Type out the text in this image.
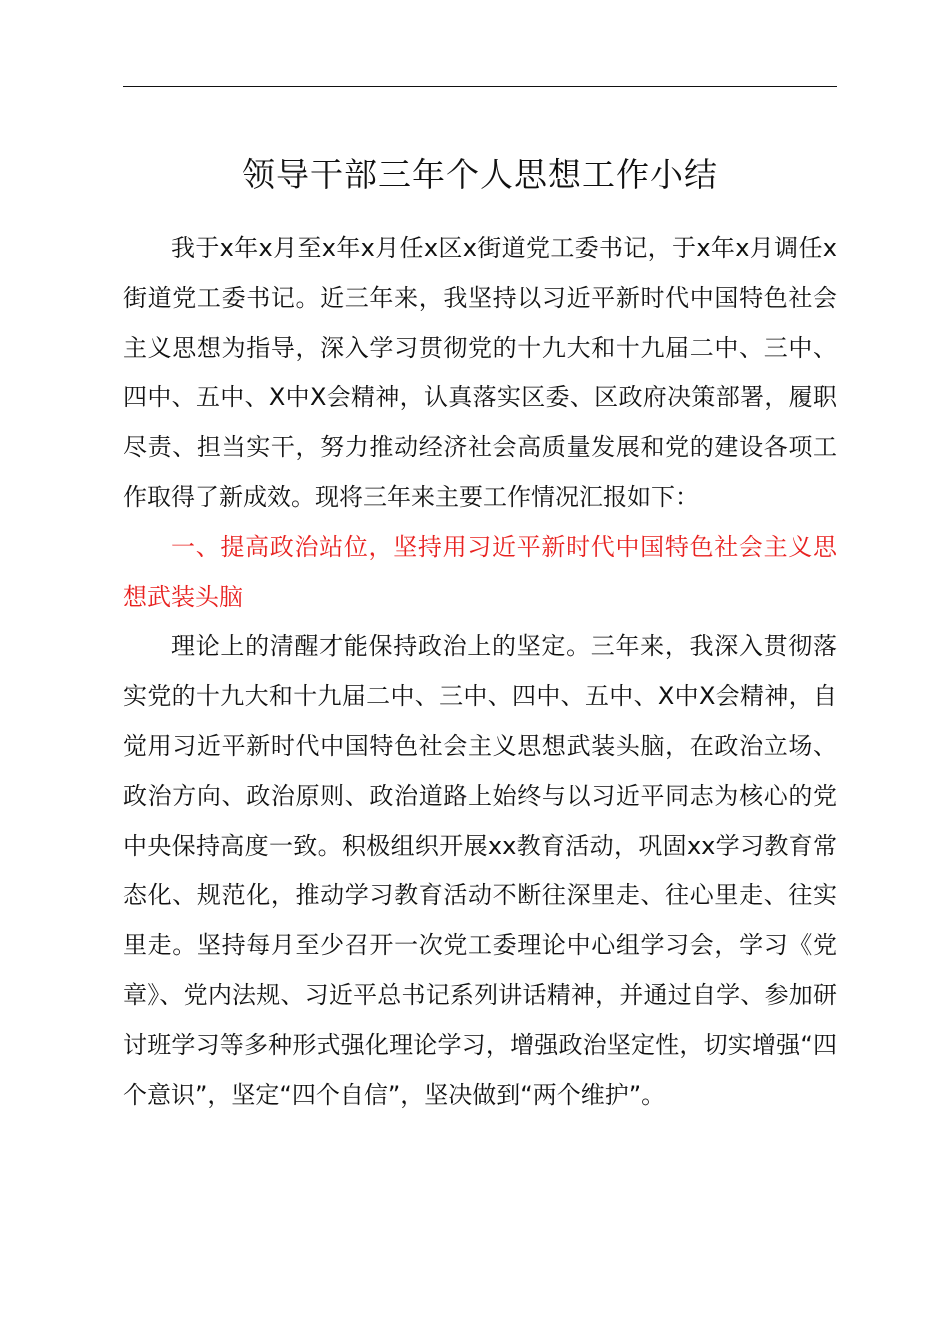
领导干部三年个人思想工作小结

我于x年x月至x年x月任x区x街道党工委书记，于x年x月调任x街道党工委书记。近三年来，我坚持以习近平新时代中国特色社会主义思想为指导，深入学习贯彻党的十九大和十九届二中、三中、四中、五中、X中X会精神，认真落实区委、区政府决策部署，履职尽责、担当实干，努力推动经济社会高质量发展和党的建设各项工作取得了新成效。现将三年来主要工作情况汇报如下：

一、提高政治站位，坚持用习近平新时代中国特色社会主义思想武装头脑

理论上的清醒才能保持政治上的坚定。三年来，我深入贯彻落实党的十九大和十九届二中、三中、四中、五中、X中X会精神，自觉用习近平新时代中国特色社会主义思想武装头脑，在政治立场、政治方向、政治原则、政治道路上始终与以习近平同志为核心的党中央保持高度一致。积极组织开展xx教育活动，巩固xx学习教育常态化、规范化，推动学习教育活动不断往深里走、往心里走、往实里走。坚持每月至少召开一次党工委理论中心组学习会，学习《党章》、党内法规、习近平总书记系列讲话精神，并通过自学、参加研讨班学习等多种形式强化理论学习，增强政治坚定性，切实增强“四个意识”，坚定“四个自信”，坚决做到“两个维护”。
